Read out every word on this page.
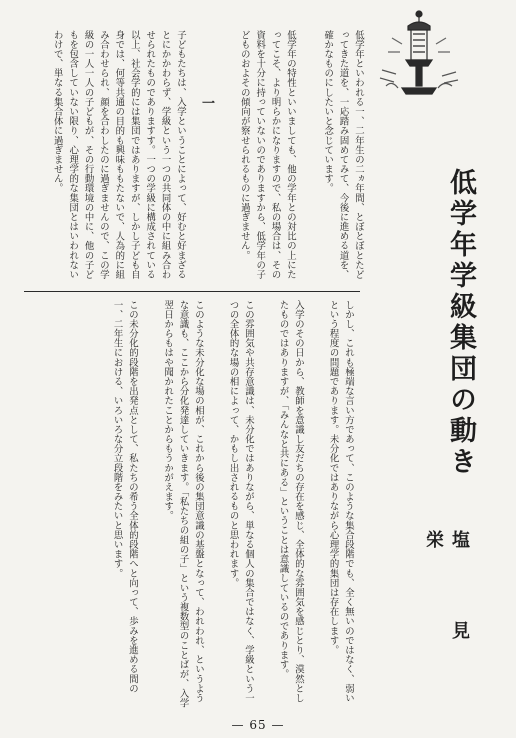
低学年学級集団の動き
塩 見 栄
低学年といわれる一、二年生の二ヵ年間、とぼとぼとたどってきた道を、一応踏み固めてみて、今後に進める道を、確かなものにしたいと念じています。
低学年の特性といいましても、他の学年との対比の上にたってこそ、より明らかになりますので、私の場合は、その資料を十分に持っていないのでありますから、低学年の子どものおよその傾向が察せられるものに過ぎません。
一
子どもたちは、入学ということによって、好むと好まざるとにかかわらず、学級という一つの共同体の中に組み合わせられたものでありますす。一つの学級に構成されている以上、社会学的には集団ではありますが、しかし子ども自身では、何等共通の目的も興味ももたないで、人為的に組み合わせられ、顔を合わしたのに過ぎませんので、この学級の一人一人の子どもが、その行動環境の中に、他の子どもを包含していない限り、心理学的な集団とはいわれないわけで、単なる集合体に過ぎません。
しかし、これも極端な言い方であって、このような集合段階でも、全く無いのではなく、弱いという程度の問題であります。未分化ではありながら心理学的集団は存在します。
入学のその日から、教師を意識し友だちの存在を感じ、全体的な雰囲気を感じとり、漠然としたものではありますが、「みんなと共にある」ということは意識しているのであります。
この雰囲気や共存意識は、未分化ではありながら、単なる個人の集合ではなく、学級という一つの全体的な場の相によって、かもし出されるものと思われます。
このような未分化な場の相が、これから後の集団意識の基盤となって、われわれ、というような意識も、ここから分化発達していきます。「私たちの組の子」という複数型のことばが、入学翌日からもはや聞かれたことからもうかがえます。
この未分化的段階を出発点として、私たちの希う全体的段階へと向って、歩みを進める間の一、二年生における、いろいろな分立段階をみたいと思います。
— 65 —
